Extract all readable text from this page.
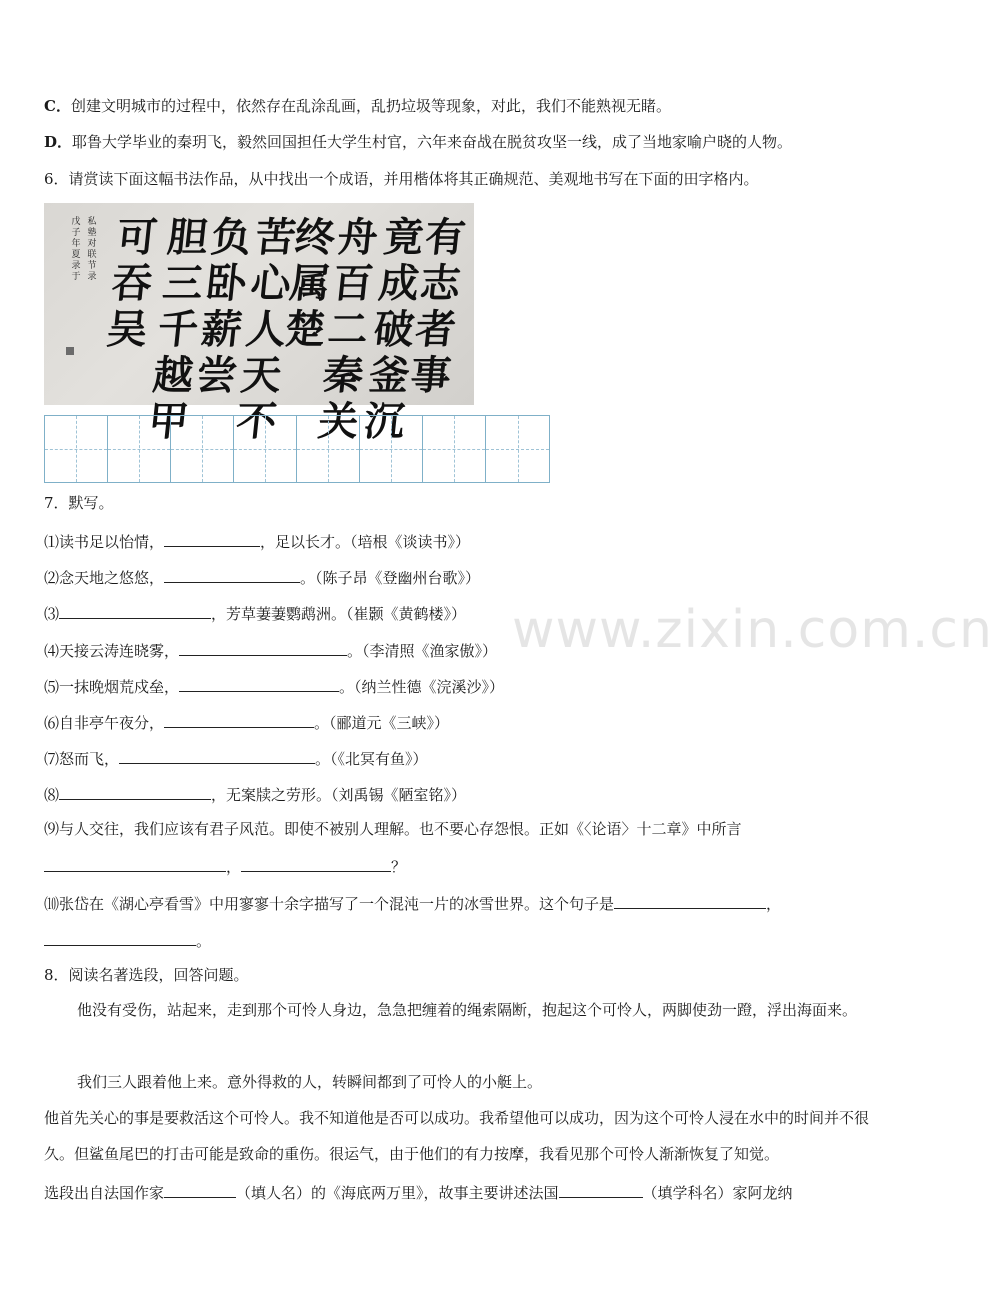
C．创建文明城市的过程中，依然存在乱涂乱画，乱扔垃圾等现象，对此，我们不能熟视无睹。
D．耶鲁大学毕业的秦玥飞，毅然回国担任大学生村官，六年来奋战在脱贫攻坚一线，成了当地家喻户晓的人物。
6．请赏读下面这幅书法作品，从中找出一个成语，并用楷体将其正确规范、美观地书写在下面的田字格内。
有志者事
竟成破釜沉
舟百二秦关
终属楚
苦心人天不
负卧薪尝
胆三千越甲
可吞吴
私塾对联节录
戊子年夏录于
7．默写。
⑴读书足以怡情，	，足以长才。（培根《谈读书》）
⑵念天地之悠悠，	。（陈子昂《登幽州台歌》）
⑶	，芳草萋萋鹦鹉洲。（崔颢《黄鹤楼》）
⑷天接云涛连晓雾，	。（李清照《渔家傲》）
⑸一抹晚烟荒戍垒，	。（纳兰性德《浣溪沙》）
⑹自非亭午夜分，	。（郦道元《三峡》）
⑺怒而飞，	。（《北冥有鱼》）
⑻	，无案牍之劳形。（刘禹锡《陋室铭》）
⑼与人交往，我们应该有君子风范。即使不被别人理解。也不要心存怨恨。正如《〈论语〉十二章》中所言
，	？
⑽张岱在《湖心亭看雪》中用寥寥十余字描写了一个混沌一片的冰雪世界。这个句子是	，
。
8．阅读名著选段，回答问题。
他没有受伤，站起来，走到那个可怜人身边，急急把缠着的绳索隔断，抱起这个可怜人，两脚使劲一蹬，浮出海面来。
我们三人跟着他上来。意外得救的人，转瞬间都到了可怜人的小艇上。
他首先关心的事是要救活这个可怜人。我不知道他是否可以成功。我希望他可以成功，因为这个可怜人浸在水中的时间并不很久。但鲨鱼尾巴的打击可能是致命的重伤。很运气，由于他们的有力按摩，我看见那个可怜人渐渐恢复了知觉。
选段出自法国作家	（填人名）的《海底两万里》，故事主要讲述法国	（填学科名）家阿龙纳
www.zixin.com.cn
